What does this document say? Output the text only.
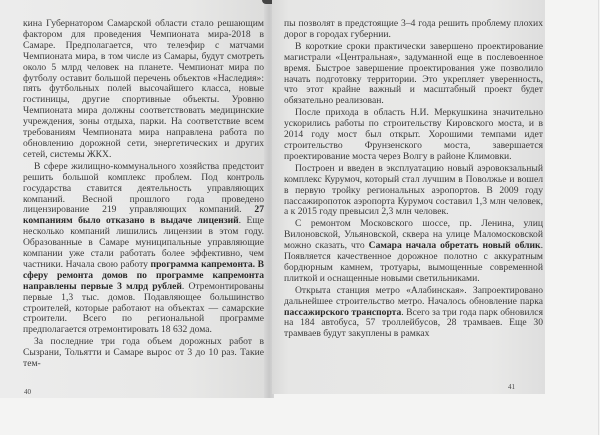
кина Губернатором Самарской области стало решающим фактором для проведения Чемпионата мира-2018 в Самаре. Предполагается, что телеэфир с матчами Чемпионата мира, в том числе из Самары, будут смотреть около 5 млрд человек на планете. Чемпионат мира по футболу оставит большой перечень объектов «Наследия»: пять футбольных полей высочайшего класса, новые гостиницы, другие спортивные объекты. Уровню Чемпионата мира должны соответствовать медицинские учреждения, зоны отдыха, парки. На соответствие всем требованиям Чемпионата мира направлена работа по обновлению дорожной сети, энергетических и других сетей, системы ЖКХ.

В сфере жилищно-коммунального хозяйства предстоит решить большой комплекс проблем. Под контроль государства ставится деятельность управляющих компаний. Весной прошлого года проведено лицензирование 219 управляющих компаний. 27 компаниям было отказано в выдаче лицензий. Еще несколько компаний лишились лицензии в этом году. Образованные в Самаре муниципальные управляющие компании уже стали работать более эффективно, чем частники. Начала свою работу программа капремонта. В сферу ремонта домов по программе капремонта направлены первые 3 млрд рублей. Отремонтированы первые 1,3 тыс. домов. Подавляющее большинство строителей, которые работают на объектах — самарские строители. Всего по региональной программе предполагается отремонтировать 18 632 дома.

За последние три года объем дорожных работ в Сызрани, Тольятти и Самаре вырос от 3 до 10 раз. Такие тем-

40

пы позволят в предстоящие 3–4 года решить проблему плохих дорог в городах губернии.

В короткие сроки практически завершено проектирование магистрали «Центральная», задуманной еще в послевоенное время. Быстрое завершение проектирования уже позволило начать подготовку территории. Это укрепляет уверенность, что этот крайне важный и масштабный проект будет обязательно реализован.

После прихода в область Н.И. Меркушкина значительно ускорились работы по строительству Кировского моста, и в 2014 году мост был открыт. Хорошими темпами идет строительство Фрунзенского моста, завершается проектирование моста через Волгу в районе Климовки.

Построен и введен в эксплуатацию новый аэровокзальный комплекс Курумоч, который стал лучшим в Поволжье и вошел в первую тройку региональных аэропортов. В 2009 году пассажиропоток аэропорта Курумоч составил 1,3 млн человек, а к 2015 году превысил 2,3 млн человек.

С ремонтом Московского шоссе, пр. Ленина, улиц Вилоновской, Ульяновской, сквера на улице Маломосковской можно сказать, что Самара начала обретать новый облик. Появляется качественное дорожное полотно с аккуратным бордюрным камнем, тротуары, вымощенные современной плиткой и оснащенные новыми светильниками.

Открыта станция метро «Алабинская». Запроектировано дальнейшее строительство метро. Началось обновление парка пассажирского транспорта. Всего за три года парк обновился на 184 автобуса, 57 троллейбусов, 28 трамваев. Еще 30 трамваев будут закуплены в рамках

41
